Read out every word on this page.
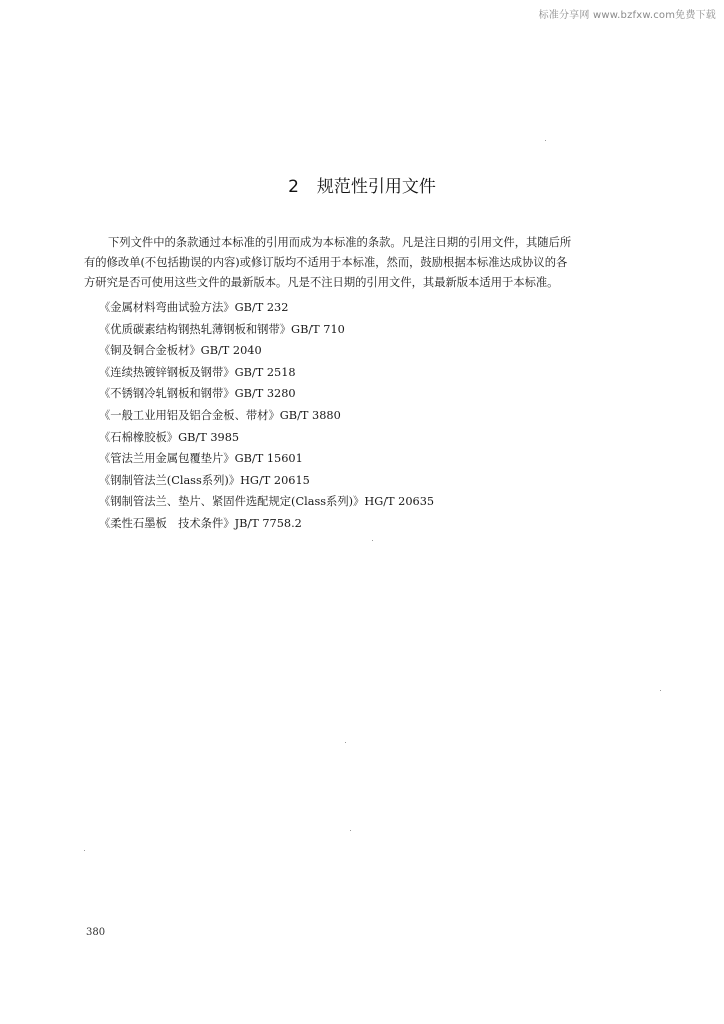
标准分享网 www.bzfxw.com免费下载
2 规范性引用文件
下列文件中的条款通过本标准的引用而成为本标准的条款。凡是注日期的引用文件，其随后所
有的修改单(不包括勘误的内容)或修订版均不适用于本标准，然而，鼓励根据本标准达成协议的各
方研究是否可使用这些文件的最新版本。凡是不注日期的引用文件，其最新版本适用于本标准。
《金属材料弯曲试验方法》GB/T 232
《优质碳素结构钢热轧薄钢板和钢带》GB/T 710
《铜及铜合金板材》GB/T 2040
《连续热镀锌钢板及钢带》GB/T 2518
《不锈钢冷轧钢板和钢带》GB/T 3280
《一般工业用铝及铝合金板、带材》GB/T 3880
《石棉橡胶板》GB/T 3985
《管法兰用金属包覆垫片》GB/T 15601
《钢制管法兰(Class系列)》HG/T 20615
《钢制管法兰、垫片、紧固件选配规定(Class系列)》HG/T 20635
《柔性石墨板　技术条件》JB/T 7758.2
380
